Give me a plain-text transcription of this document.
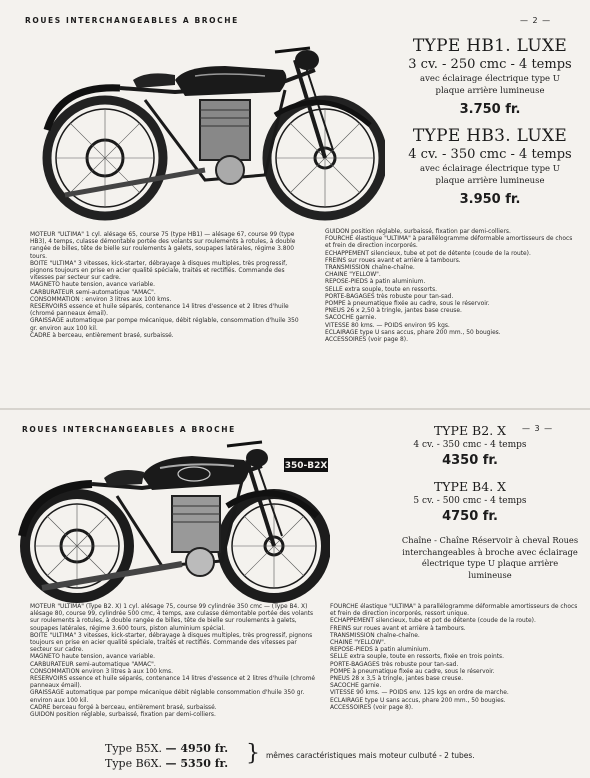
ROUES INTERCHANGEABLES A BROCHE	— 2 —
TYPE HB1. LUXE
3 cv. - 250 cmc - 4 temps
avec éclairage électrique type U plaque arrière lumineuse
3.750 fr.
TYPE HB3. LUXE
4 cv. - 350 cmc - 4 temps
avec éclairage électrique type U plaque arrière lumineuse
3.950 fr.

MOTEUR "ULTIMA" 1 cyl. alésage 65, course 75 (type HB1) — alésage 67, course 99 (type HB3), 4 temps, culasse démontable portée des volants sur roulements à rotules, à double rangée de billes, tête de bielle sur roulements à galets, soupapes latérales, régime 3.800 tours.

BOITE "ULTIMA" 3 vitesses, kick-starter, débrayage à disques multiples, très progressif, pignons toujours en prise en acier qualité spéciale, traités et rectifiés. Commande des vitesses par secteur sur cadre.

MAGNETO haute tension, avance variable.

CARBURATEUR semi-automatique "AMAC".

CONSOMMATION : environ 3 litres aux 100 kms.

RESERVOIRS essence et huile séparés, contenance 14 litres d'essence et 2 litres d'huile (chromé panneaux émail).

GRAISSAGE automatique par pompe mécanique, débit réglable, consommation d'huile 350 gr. environ aux 100 kil.

CADRE à berceau, entièrement brasé, surbaissé.

GUIDON position réglable, surbaissé, fixation par demi-colliers.

FOURCHE élastique "ULTIMA" à parallélogramme déformable amortisseurs de chocs et frein de direction incorporés.

ECHAPPEMENT silencieux, tube et pot de détente (coude de la route).

FREINS sur roues avant et arrière à tambours.

TRANSMISSION chaîne-chaîne.

CHAINE "YELLOW".

REPOSE-PIEDS à patin aluminium.

SELLE extra souple, toute en ressorts.

PORTE-BAGAGES très robuste pour tan-sad.

POMPE à pneumatique fixée au cadre, sous le réservoir.

PNEUS 26 x 2,50 à tringle, jantes base creuse.

SACOCHE garnie.

VITESSE 80 kms. — POIDS environ 95 kgs.

ECLAIRAGE type U sans accus, phare 200 mm., 50 bougies.

ACCESSOIRES (voir page 8).

ROUES INTERCHANGEABLES A BROCHE	— 3 —
350-B2X
TYPE B2. X
4 cv. - 350 cmc - 4 temps
4350 fr.
TYPE B4. X
5 cv. - 500 cmc - 4 temps
4750 fr.
Chaîne - Chaîne Réservoir à cheval Roues interchangeables à broche avec éclairage électrique type U plaque arrière lumineuse

MOTEUR "ULTIMA" (Type B2. X) 1 cyl. alésage 75, course 99 cylindrée 350 cmc — (Type B4. X) alésage 80, course 99, cylindrée 500 cmc, 4 temps, axe culasse démontable portée des volants sur roulements à rotules, à double rangée de billes, tête de bielle sur roulements à galets, soupapes latérales, régime 3.600 tours, piston aluminium spécial.

BOITE "ULTIMA" 3 vitesses, kick-starter, débrayage à disques multiples, très progressif, pignons toujours en prise en acier qualité spéciale, traités et rectifiés. Commande des vitesses par secteur sur cadre.

MAGNETO haute tension, avance variable.

CARBURATEUR semi-automatique "AMAC".

CONSOMMATION environ 3 litres à aux 100 kms.

RESERVOIRS essence et huile séparés, contenance 14 litres d'essence et 2 litres d'huile (chromé panneaux émail).

GRAISSAGE automatique par pompe mécanique débit réglable consommation d'huile 350 gr. environ aux 100 kil.

CADRE berceau forgé à berceau, entièrement brasé, surbaissé.

GUIDON position réglable, surbaissé, fixation par demi-colliers.

FOURCHE élastique "ULTIMA" à parallélogramme déformable amortisseurs de chocs et frein de direction incorporés, ressort unique.

ECHAPPEMENT silencieux, tube et pot de détente (coude de la route).

FREINS sur roues avant et arrière à tambours.

TRANSMISSION chaîne-chaîne.

CHAINE "YELLOW".

REPOSE-PIEDS à patin aluminium.

SELLE extra souple, toute en ressorts, fixée en trois points.

PORTE-BAGAGES très robuste pour tan-sad.

POMPE à pneumatique fixée au cadre, sous le réservoir.

PNEUS 28 x 3,5 à tringle, jantes base creuse.

SACOCHE garnie.

VITESSE 90 kms. — POIDS env. 125 kgs en ordre de marche.

ECLAIRAGE type U sans accus, phare 200 mm., 50 bougies.

ACCESSOIRES (voir page 8).

Type B5X. — 4950 fr.
Type B6X. — 5350 fr. } mêmes caractéristiques mais moteur culbuté - 2 tubes.
